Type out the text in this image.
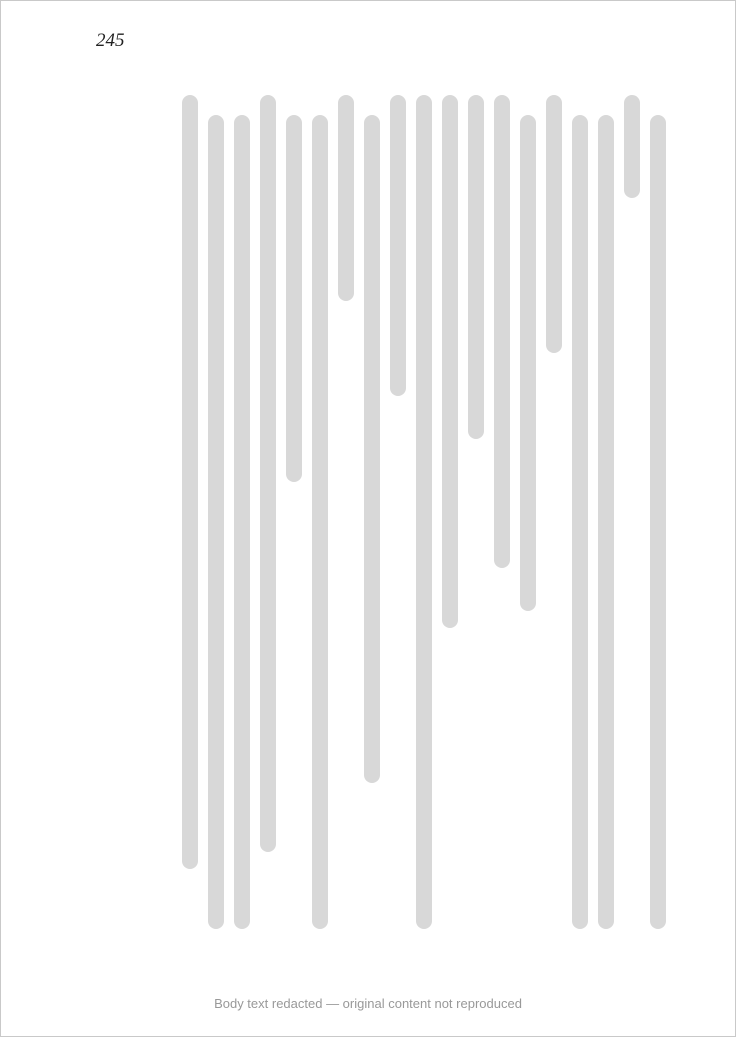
245
Body text redacted — original content not reproduced
